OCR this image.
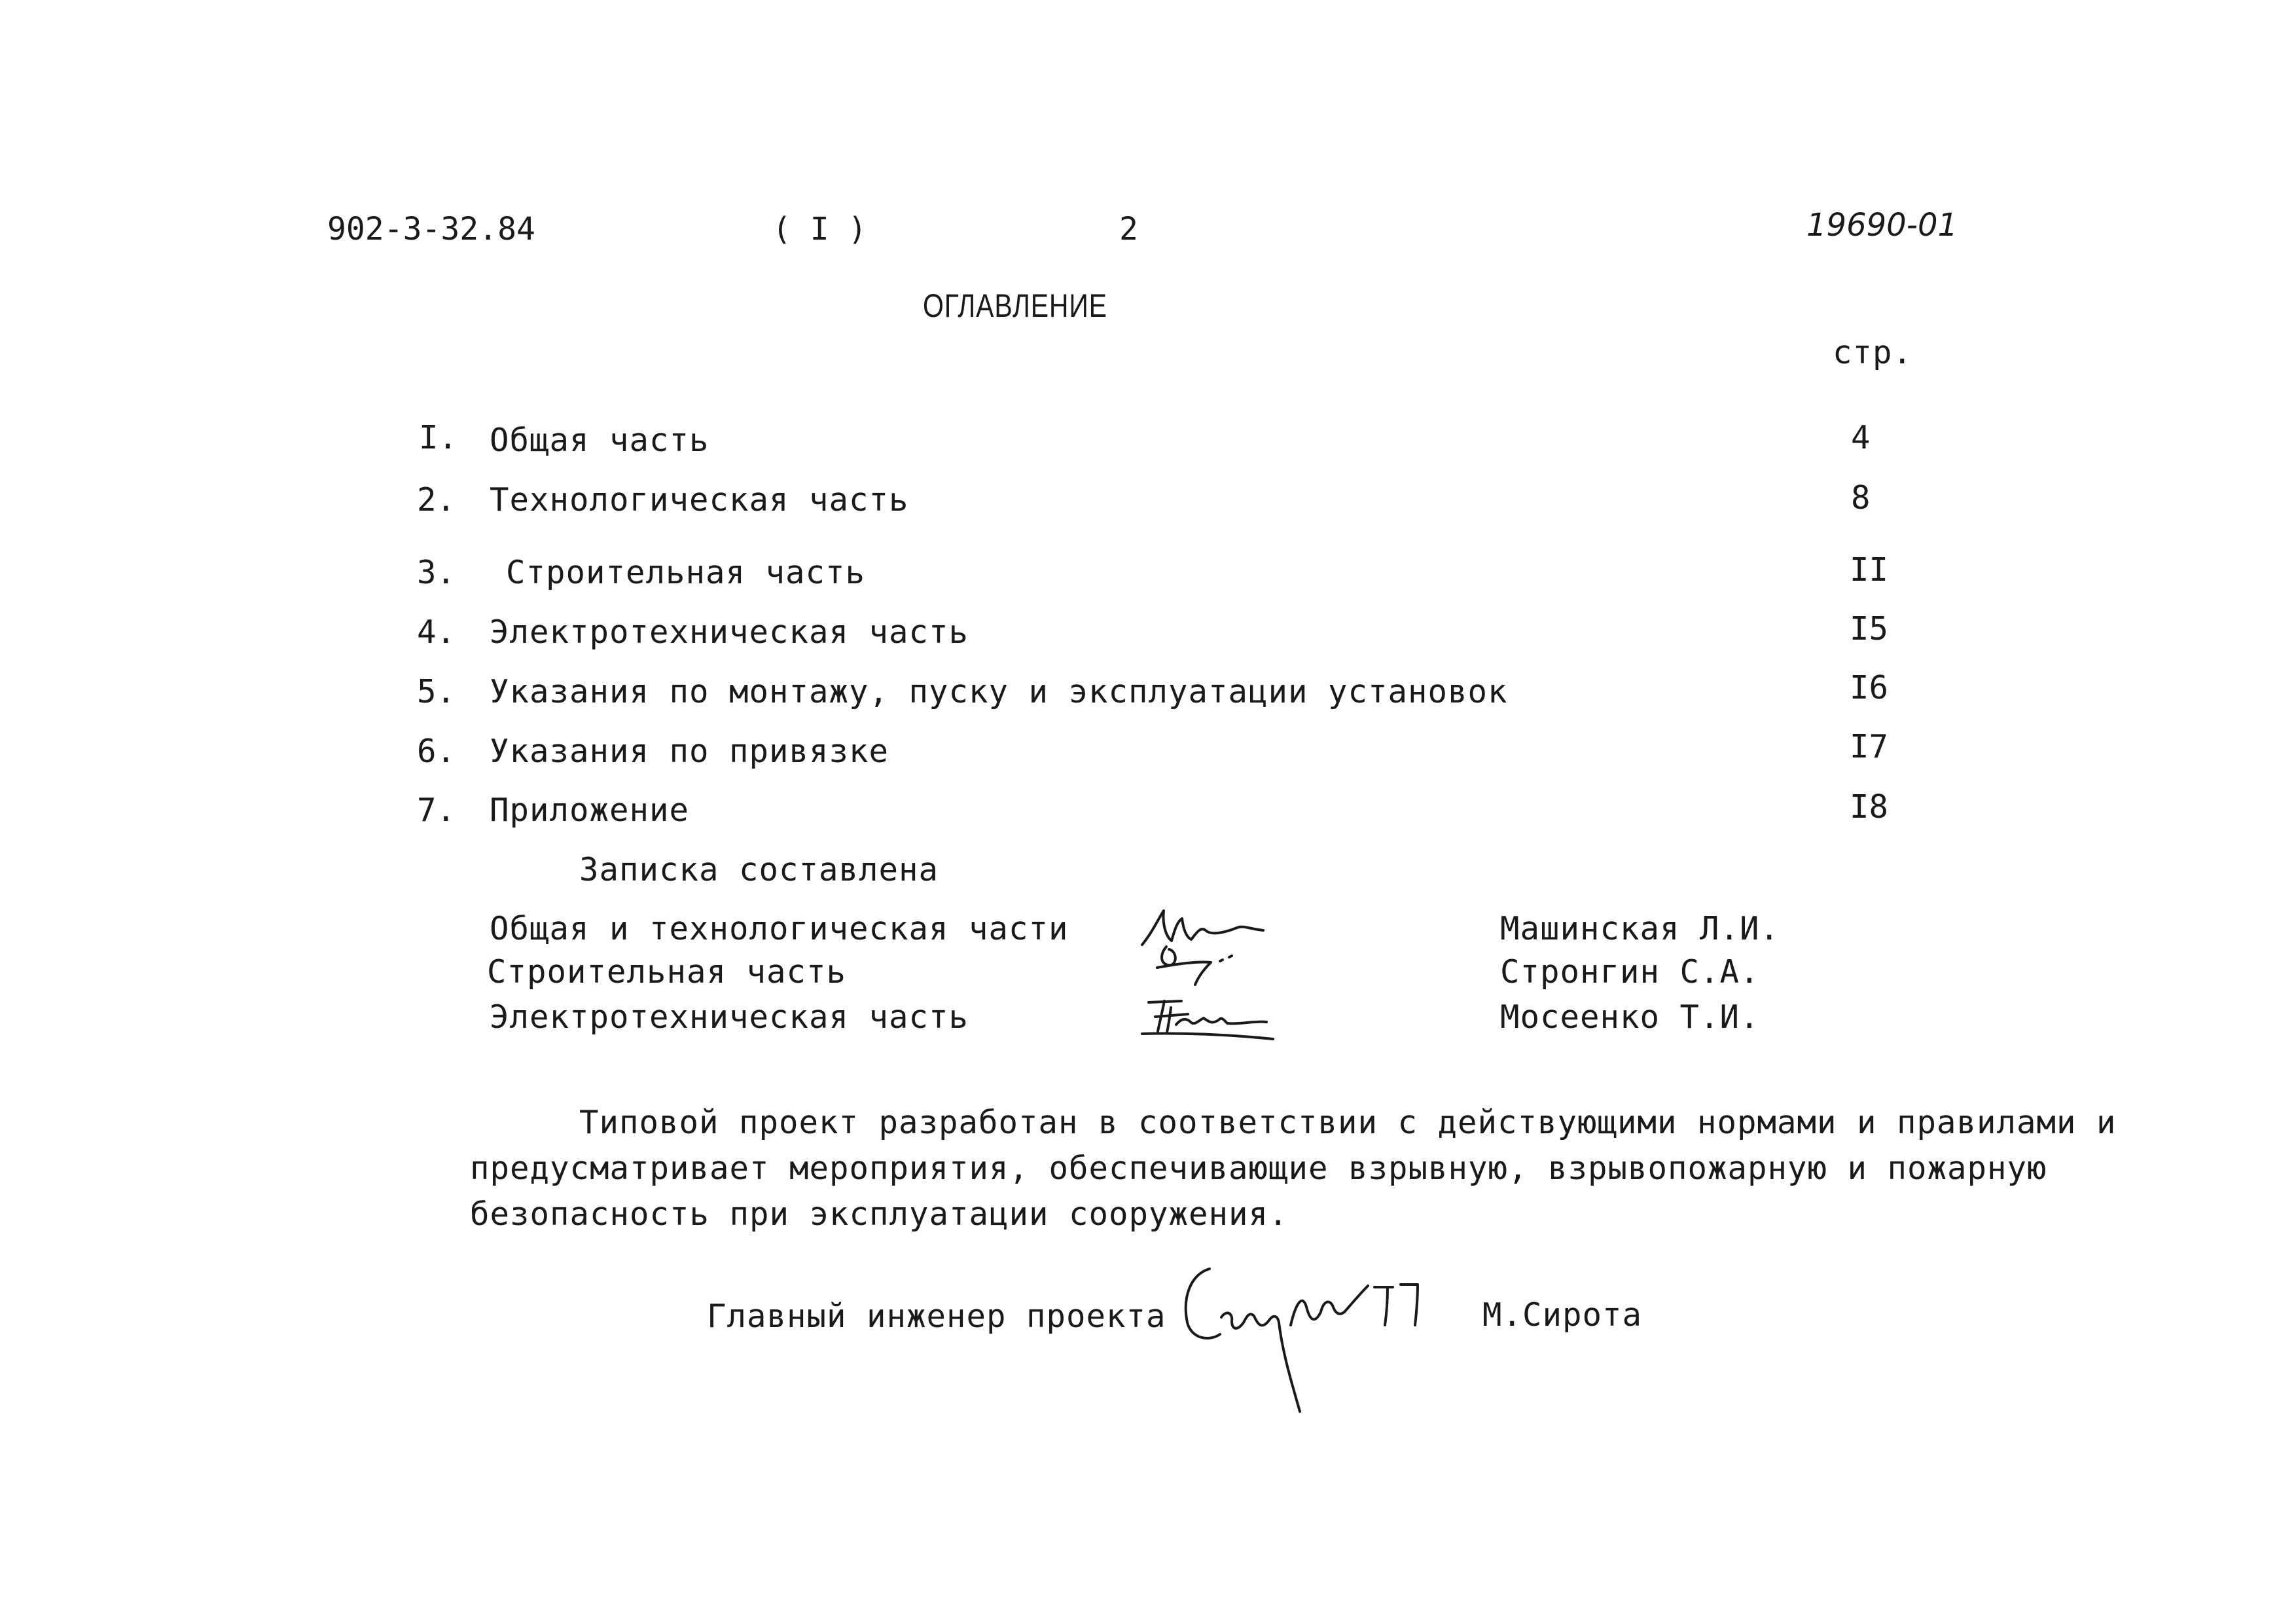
902-3-32.84	( I )	2	19690-01
ОГЛАВЛЕНИЕ
стр.
I. Общая часть	4
2. Технологическая часть	8
3. Строительная часть	II
4. Электротехническая часть	I5
5. Указания по монтажу, пуску и эксплуатации установок	I6
6. Указания по привязке	I7
7. Приложение	I8
Записка составлена
Общая и технологическая части	Машинская Л.И.
Строительная часть	Стронгин С.А.
Электротехническая часть	Мосеенко Т.И.
Типовой проект разработан в соответствии с действующими нормами и правилами и
предусматривает мероприятия, обеспечивающие взрывную, взрывопожарную и пожарную
безопасность при эксплуатации сооружения.
Главный инженер проекта	М.Сирота
